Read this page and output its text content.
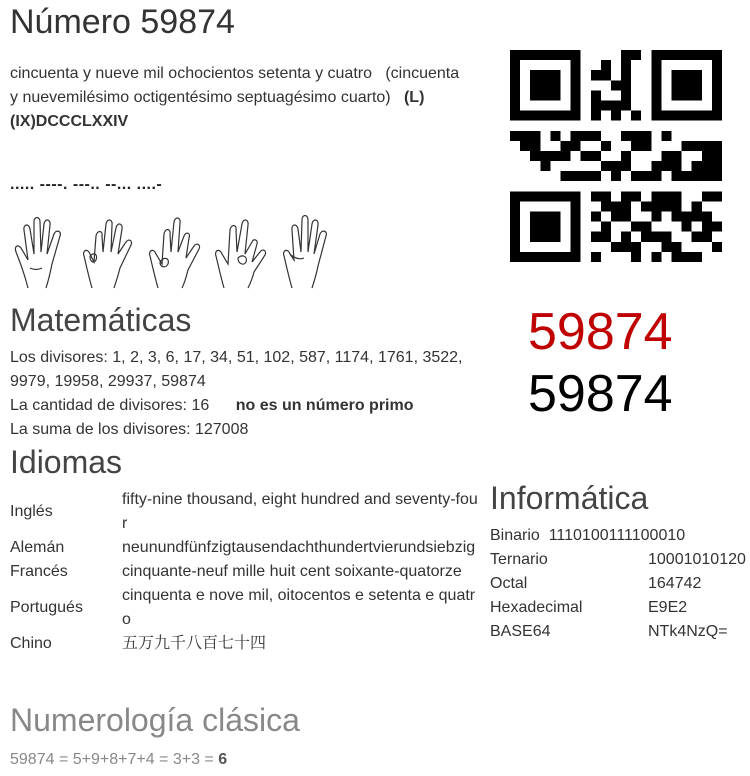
Número 59874
cincuenta y nueve mil ochocientos setenta y cuatro (cincuenta y nuevemilésimo octigentésimo septuagésimo cuarto) (L)(IX)DCCCLXXIV
..... ----. ---.. --... ....-
59874
59874
Matemáticas
Los divisores: 1, 2, 3, 6, 17, 34, 51, 102, 587, 1174, 1761, 3522, 9979, 19958, 29937, 59874
La cantidad de divisores: 16 no es un número primo
La suma de los divisores: 127008
Idiomas
Inglés	fifty-nine thousand, eight hundred and seventy-four
Alemán	neunundfünfzigtausendachthundertvierundsiebzig
Francés	cinquante-neuf mille huit cent soixante-quatorze
Portugués	cinquenta e nove mil, oitocentos e setenta e quatro
Chino	五万九千八百七十四
Informática
Binario 1110100111100010	
Ternario	10001010120
Octal	164742
Hexadecimal	E9E2
BASE64	NTk4NzQ=
Numerología clásica
59874 = 5+9+8+7+4 = 3+3 = 6
